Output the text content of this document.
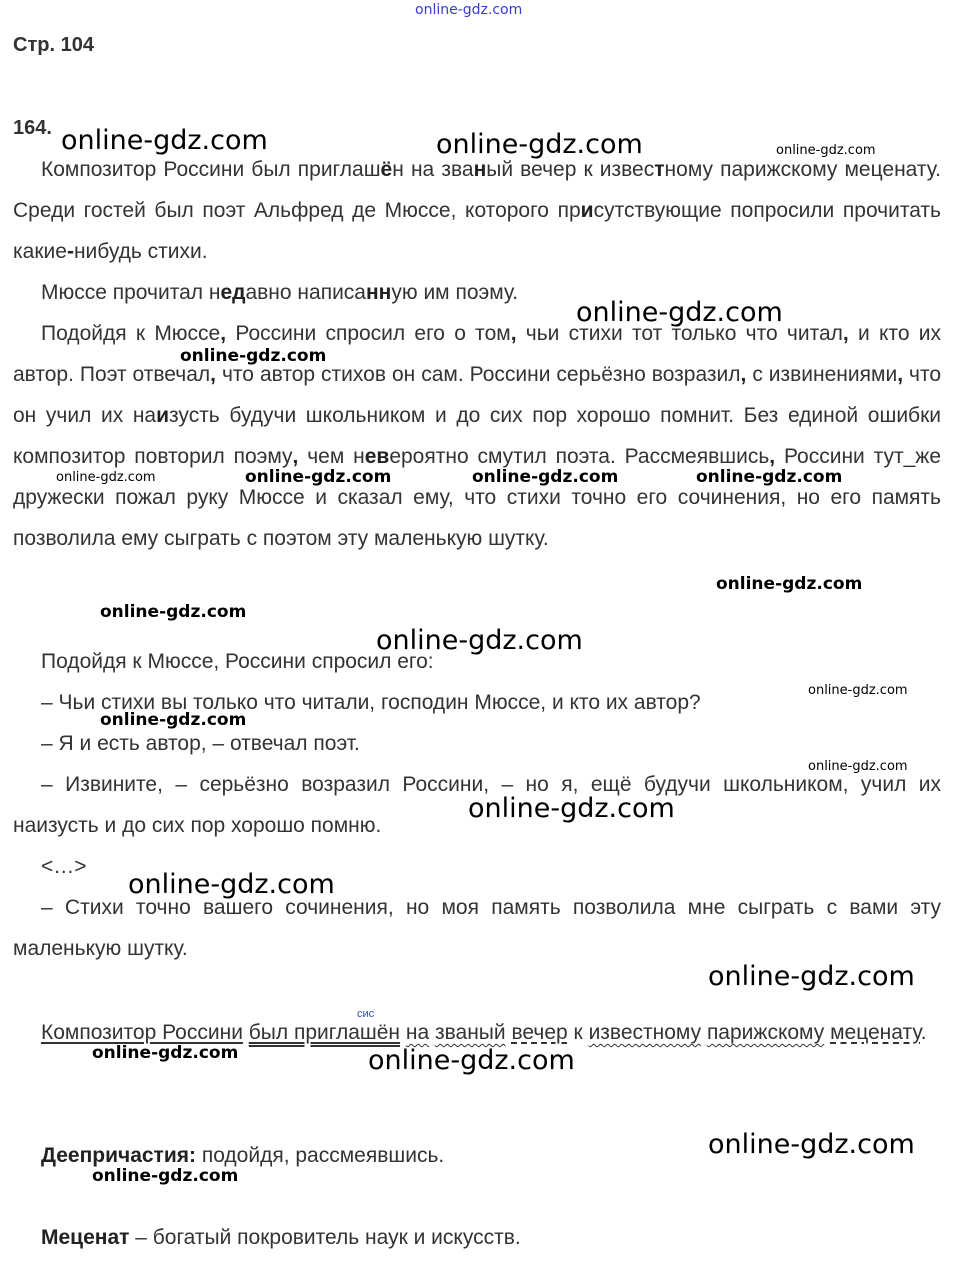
online-gdz.com
Стр. 104
164.
Композитор Россини был приглашён на званый вечер к известному парижскому меценату. Среди гостей был поэт Альфред де Мюссе, которого присутствующие попросили прочитать какие-нибудь стихи.
Мюссе прочитал недавно написанную им поэму.
Подойдя к Мюссе, Россини спросил его о том, чьи стихи тот только что читал, и кто их автор. Поэт отвечал, что автор стихов он сам. Россини серьёзно возразил, с извинениями, что он учил их наизусть будучи школьником и до сих пор хорошо помнит. Без единой ошибки композитор повторил поэму, чем невероятно смутил поэта. Рассмеявшись, Россини тут_же дружески пожал руку Мюссе и сказал ему, что стихи точно его сочинения, но его память позволила ему сыграть с поэтом эту маленькую шутку.
Подойдя к Мюссе, Россини спросил его:
– Чьи стихи вы только что читали, господин Мюссе, и кто их автор?
– Я и есть автор, – отвечал поэт.
– Извините, – серьёзно возразил Россини, – но я, ещё будучи школьником, учил их наизусть и до сих пор хорошо помню.
<…>
– Стихи точно вашего сочинения, но моя память позволила мне сыграть с вами эту маленькую шутку.
сис
Композитор Россини был приглашён на званый вечер к известному парижскому меценату.
Деепричастия: подойдя, рассмеявшись.
Меценат – богатый покровитель наук и искусств.
online-gdz.com	online-gdz.com	online-gdz.com
online-gdz.com
online-gdz.com
online-gdz.com	online-gdz.com	online-gdz.com	online-gdz.com
online-gdz.com
online-gdz.com
online-gdz.com
online-gdz.com
online-gdz.com
online-gdz.com
online-gdz.com
online-gdz.com
online-gdz.com
online-gdz.com	online-gdz.com
online-gdz.com
online-gdz.com
